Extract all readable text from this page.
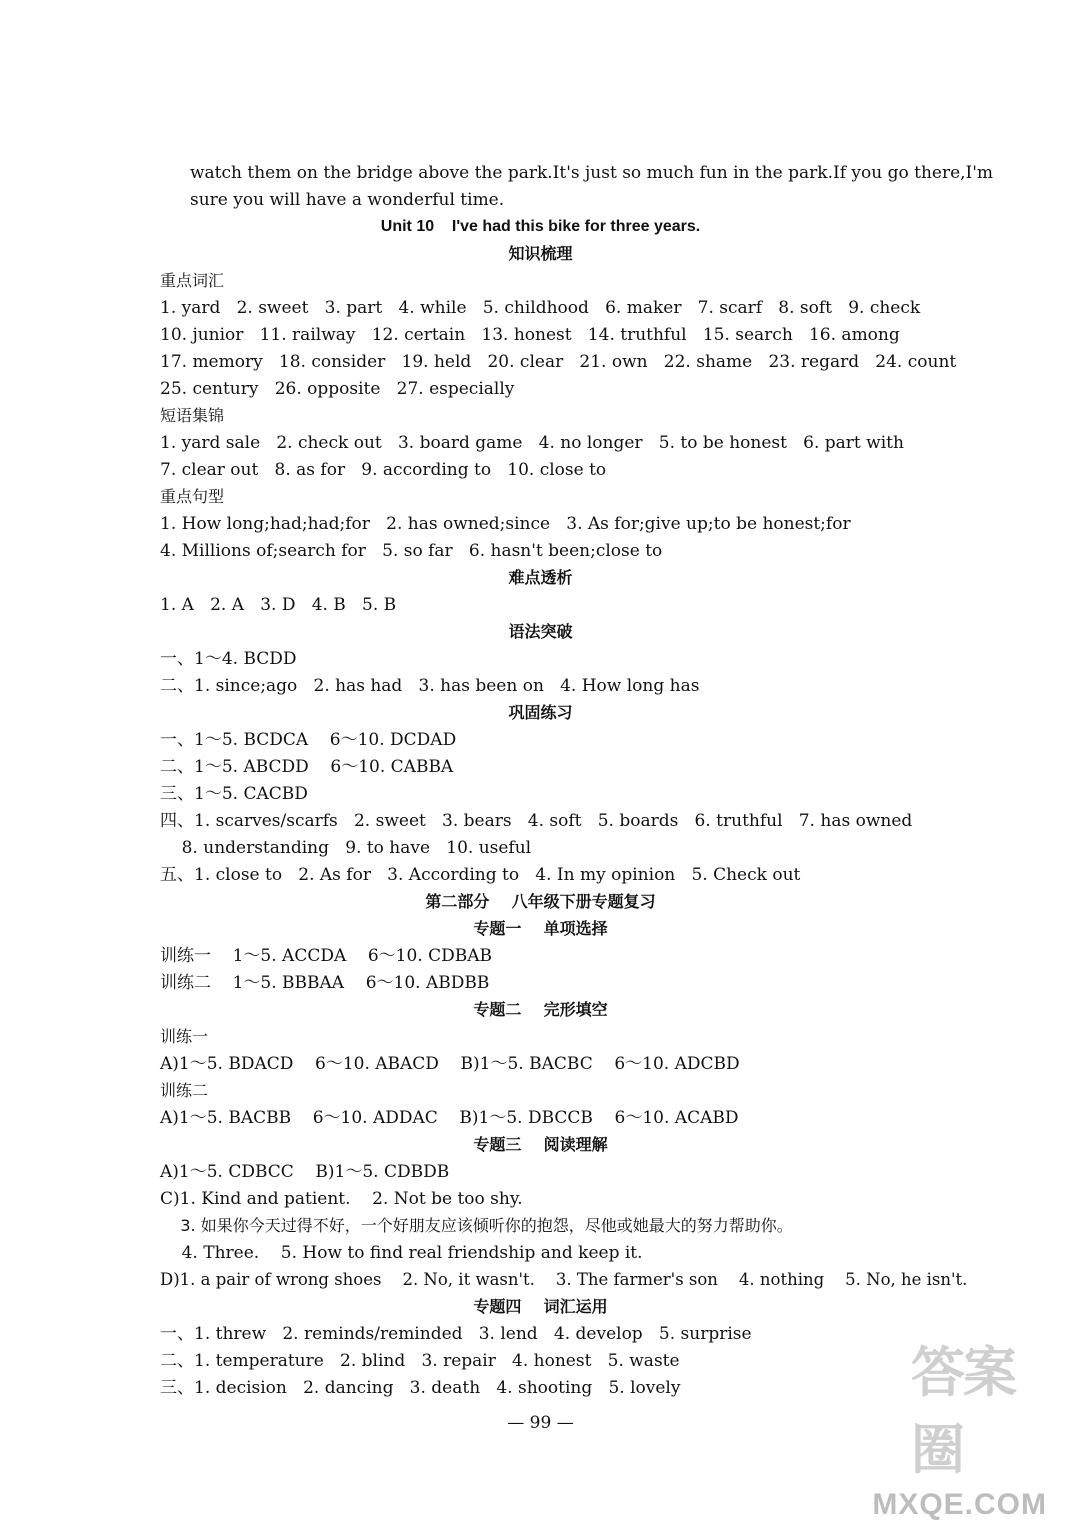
watch them on the bridge above the park.It's just so much fun in the park.If you go there,I'm
sure you will have a wonderful time.
Unit 10    I've had this bike for three years.
知识梳理
重点词汇
1. yard   2. sweet   3. part   4. while   5. childhood   6. maker   7. scarf   8. soft   9. check
10. junior   11. railway   12. certain   13. honest   14. truthful   15. search   16. among
17. memory   18. consider   19. held   20. clear   21. own   22. shame   23. regard   24. count
25. century   26. opposite   27. especially
短语集锦
1. yard sale   2. check out   3. board game   4. no longer   5. to be honest   6. part with
7. clear out   8. as for   9. according to   10. close to
重点句型
1. How long;had;had;for   2. has owned;since   3. As for;give up;to be honest;for
4. Millions of;search for   5. so far   6. hasn't been;close to
难点透析
1. A   2. A   3. D   4. B   5. B
语法突破
一、1～4. BCDD
二、1. since;ago   2. has had   3. has been on   4. How long has
巩固练习
一、1～5. BCDCA    6～10. DCDAD
二、1～5. ABCDD    6～10. CABBA
三、1～5. CACBD
四、1. scarves/scarfs   2. sweet   3. bears   4. soft   5. boards   6. truthful   7. has owned
8. understanding   9. to have   10. useful
五、1. close to   2. As for   3. According to   4. In my opinion   5. Check out
第二部分    八年级下册专题复习
专题一    单项选择
训练一    1～5. ACCDA    6～10. CDBAB
训练二    1～5. BBBAA    6～10. ABDBB
专题二    完形填空
训练一
A)1～5. BDACD    6～10. ABACD    B)1～5. BACBC    6～10. ADCBD
训练二
A)1～5. BACBB    6～10. ADDAC    B)1～5. DBCCB    6～10. ACABD
专题三    阅读理解
A)1～5. CDBCC    B)1～5. CDBDB
C)1. Kind and patient.    2. Not be too shy.
3. 如果你今天过得不好，一个好朋友应该倾听你的抱怨，尽他或她最大的努力帮助你。
4. Three.    5. How to find real friendship and keep it.
D)1. a pair of wrong shoes    2. No, it wasn't.    3. The farmer's son    4. nothing    5. No, he isn't.
专题四    词汇运用
一、1. threw   2. reminds/reminded   3. lend   4. develop   5. surprise
二、1. temperature   2. blind   3. repair   4. honest   5. waste
三、1. decision   2. dancing   3. death   4. shooting   5. lovely
— 99 —
答案圈
MXQE.COM
